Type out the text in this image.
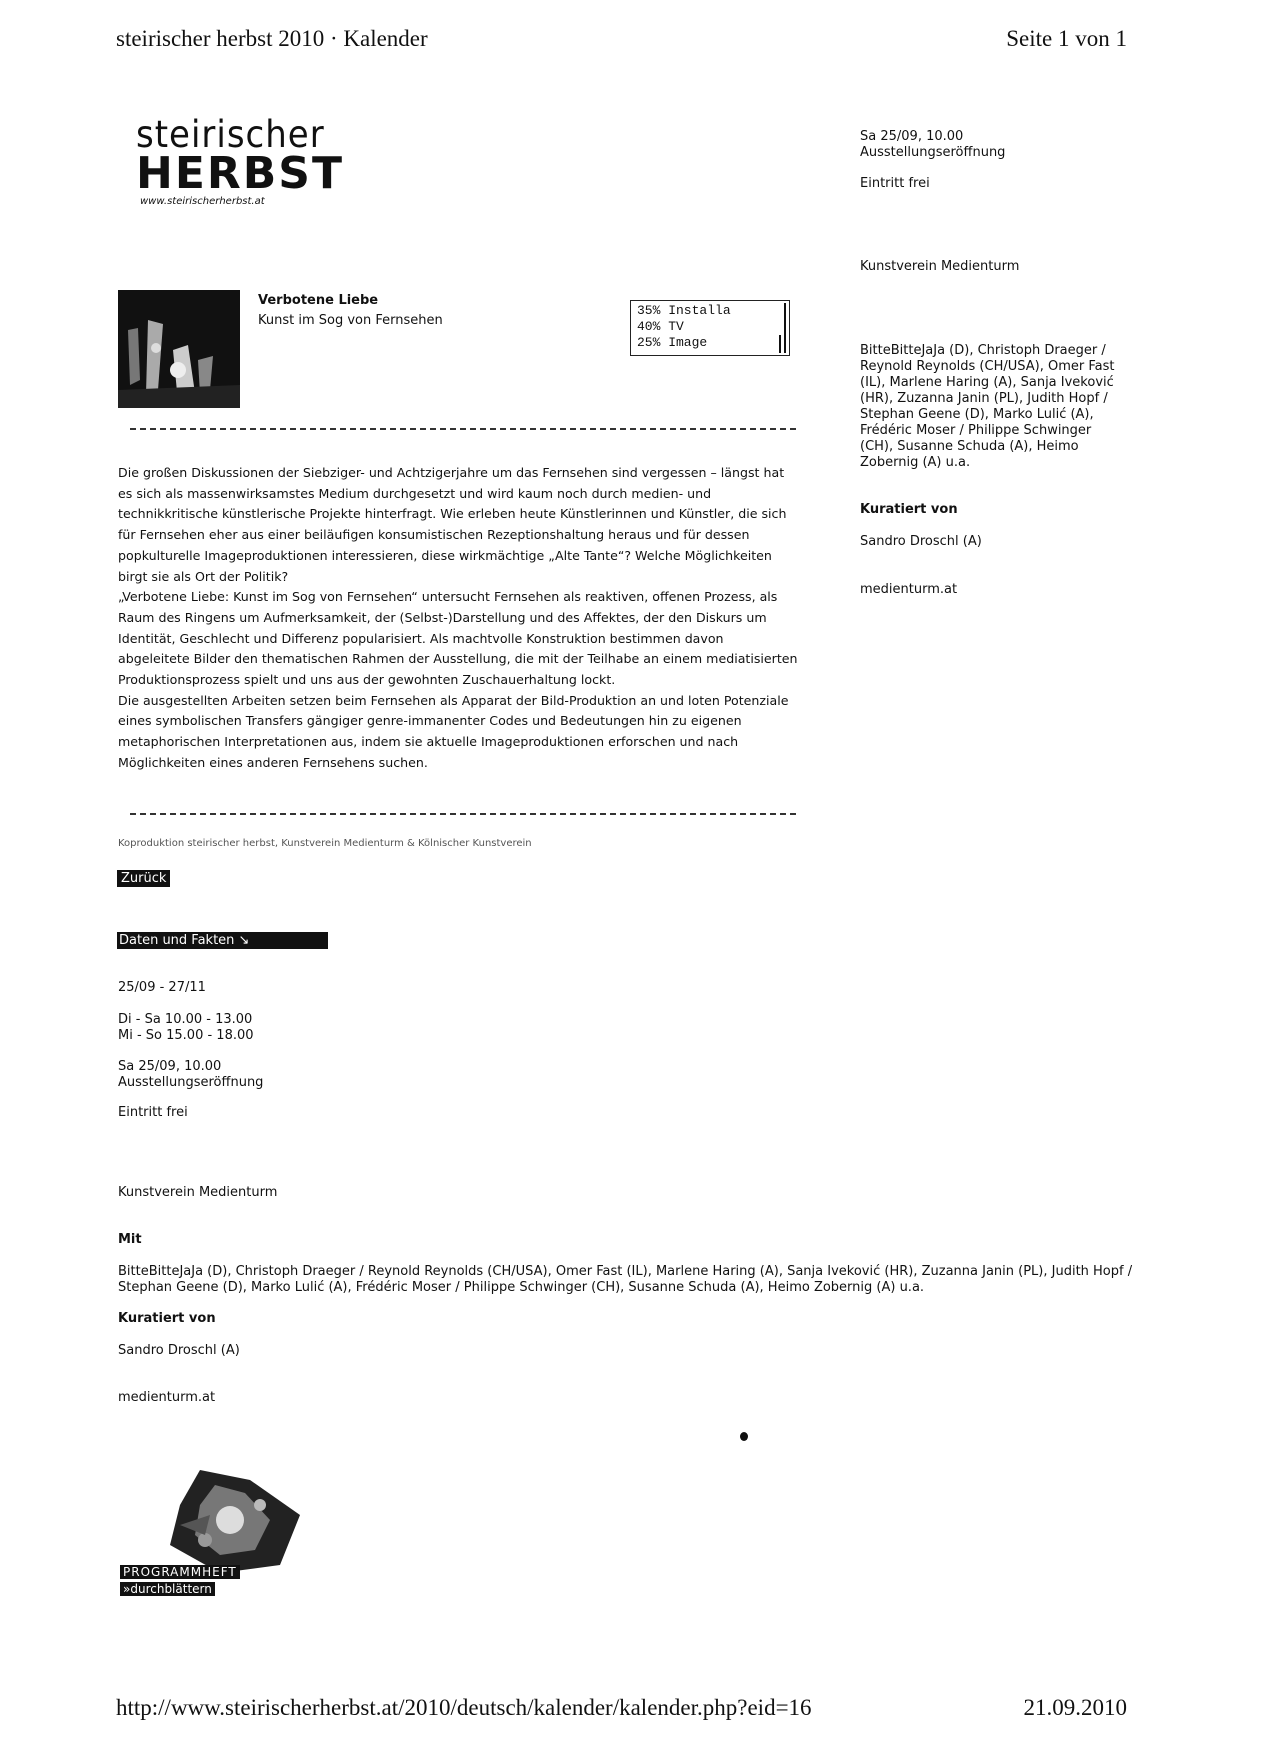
steirischer herbst 2010 · Kalender	Seite 1 von 1
steirischer
HERBST
www.steirischerherbst.at
Verbotene Liebe
Kunst im Sog von Fernsehen
35% Installa
40% TV
25% Image

Die großen Diskussionen der Siebziger- und Achtzigerjahre um das Fernsehen sind vergessen – längst hat es sich als massenwirksamstes Medium durchgesetzt und wird kaum noch durch medien- und technikkritische künstlerische Projekte hinterfragt. Wie erleben heute Künstlerinnen und Künstler, die sich für Fernsehen eher aus einer beiläufigen konsumistischen Rezeptionshaltung heraus und für dessen popkulturelle Imageproduktionen interessieren, diese wirkmächtige „Alte Tante“? Welche Möglichkeiten birgt sie als Ort der Politik?

„Verbotene Liebe: Kunst im Sog von Fernsehen“ untersucht Fernsehen als reaktiven, offenen Prozess, als Raum des Ringens um Aufmerksamkeit, der (Selbst-)Darstellung und des Affektes, der den Diskurs um Identität, Geschlecht und Differenz popularisiert. Als machtvolle Konstruktion bestimmen davon abgeleitete Bilder den thematischen Rahmen der Ausstellung, die mit der Teilhabe an einem mediatisierten Produktionsprozess spielt und uns aus der gewohnten Zuschauerhaltung lockt.

Die ausgestellten Arbeiten setzen beim Fernsehen als Apparat der Bild-Produktion an und loten Potenziale eines symbolischen Transfers gängiger genre-immanenter Codes und Bedeutungen hin zu eigenen metaphorischen Interpretationen aus, indem sie aktuelle Imageproduktionen erforschen und nach Möglichkeiten eines anderen Fernsehens suchen.

Koproduktion steirischer herbst, Kunstverein Medienturm & Kölnischer Kunstverein
Zurück
Daten und Fakten ↘
25/09 - 27/11
Di - Sa 10.00 - 13.00
Mi - So 15.00 - 18.00
Sa 25/09, 10.00
Ausstellungseröffnung
Eintritt frei
Kunstverein Medienturm
Mit
BitteBitteJaJa (D), Christoph Draeger / Reynold Reynolds (CH/USA), Omer Fast (IL), Marlene Haring (A), Sanja Iveković (HR), Zuzanna Janin (PL), Judith Hopf / Stephan Geene (D), Marko Lulić (A), Frédéric Moser / Philippe Schwinger (CH), Susanne Schuda (A), Heimo Zobernig (A) u.a.
Kuratiert von
Sandro Droschl (A)
medienturm.at
Sa 25/09, 10.00
Ausstellungseröffnung
Eintritt frei
Kunstverein Medienturm
BitteBitteJaJa (D), Christoph Draeger / Reynold Reynolds (CH/USA), Omer Fast (IL), Marlene Haring (A), Sanja Iveković (HR), Zuzanna Janin (PL), Judith Hopf / Stephan Geene (D), Marko Lulić (A), Frédéric Moser / Philippe Schwinger (CH), Susanne Schuda (A), Heimo Zobernig (A) u.a.
Kuratiert von
Sandro Droschl (A)
medienturm.at
PROGRAMMHEFT
»durchblättern
http://www.steirischerherbst.at/2010/deutsch/kalender/kalender.php?eid=16	21.09.2010
